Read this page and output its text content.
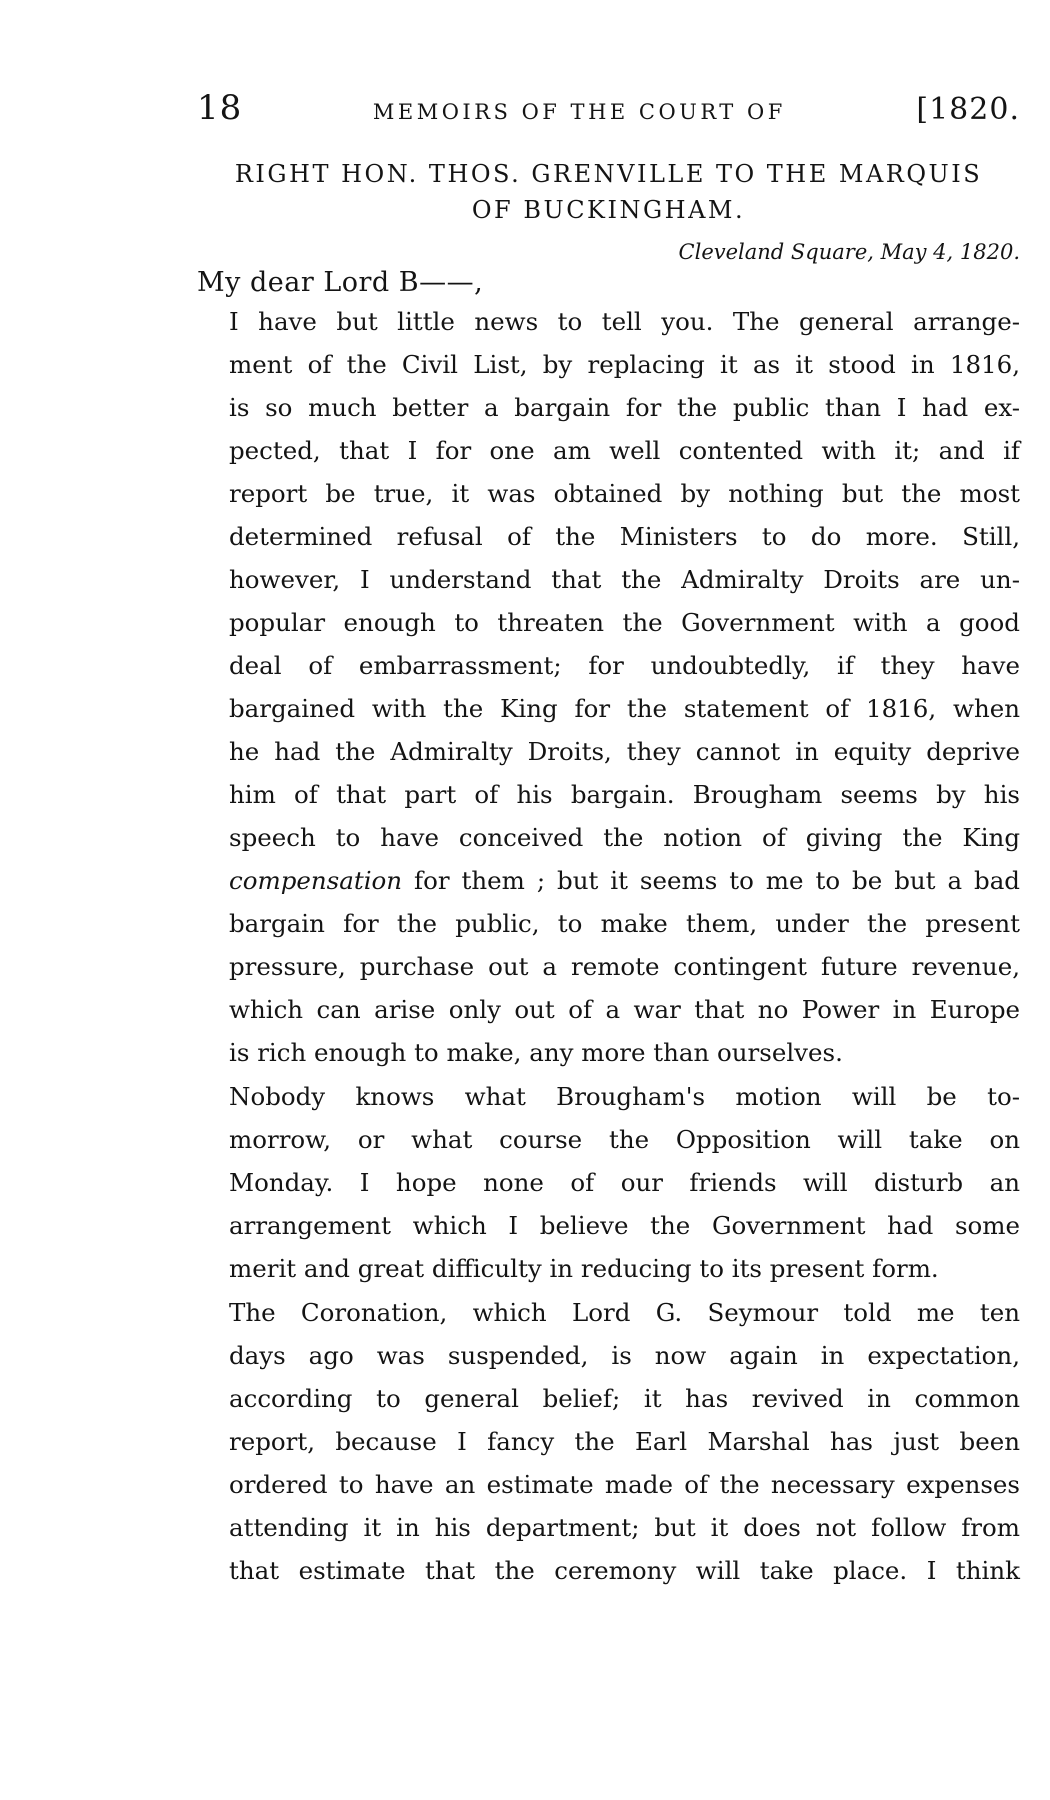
18	MEMOIRS OF THE COURT OF	[1820.
RIGHT HON. THOS. GRENVILLE TO THE MARQUIS
OF BUCKINGHAM.
Cleveland Square, May 4, 1820.
My dear Lord B——,

I have but little news to tell you. The general arrange-
ment of the Civil List, by replacing it as it stood in 1816,
is so much better a bargain for the public than I had ex-
pected, that I for one am well contented with it; and if
report be true, it was obtained by nothing but the most
determined refusal of the Ministers to do more. Still,
however, I understand that the Admiralty Droits are un-
popular enough to threaten the Government with a good
deal of embarrassment; for undoubtedly, if they have
bargained with the King for the statement of 1816, when
he had the Admiralty Droits, they cannot in equity deprive
him of that part of his bargain. Brougham seems by his
speech to have conceived the notion of giving the King
compensation for them ; but it seems to me to be but a bad
bargain for the public, to make them, under the present
pressure, purchase out a remote contingent future revenue,
which can arise only out of a war that no Power in Europe
is rich enough to make, any more than ourselves.

Nobody knows what Brougham's motion will be to-
morrow, or what course the Opposition will take on
Monday. I hope none of our friends will disturb an
arrangement which I believe the Government had some
merit and great difficulty in reducing to its present form.

The Coronation, which Lord G. Seymour told me ten
days ago was suspended, is now again in expectation,
according to general belief; it has revived in common
report, because I fancy the Earl Marshal has just been
ordered to have an estimate made of the necessary expenses
attending it in his department; but it does not follow from
that estimate that the ceremony will take place. I think
